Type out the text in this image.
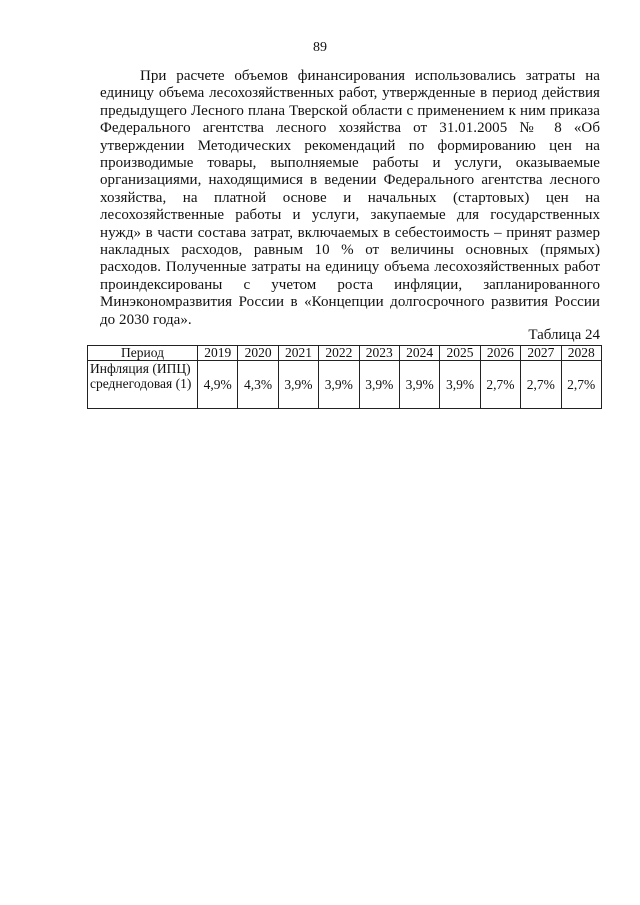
89

При расчете объемов финансирования использовались затраты на единицу объема лесохозяйственных работ, утвержденные в период действия предыдущего Лесного плана Тверской области с применением к ним приказа Федерального агентства лесного хозяйства от 31.01.2005 № 8 «Об утверждении Методических рекомендаций по формированию цен на производимые товары, выполняемые работы и услуги, оказываемые организациями, находящимися в ведении Федерального агентства лесного хозяйства, на платной основе и начальных (стартовых) цен на лесохозяйственные работы и услуги, закупаемые для государственных нужд» в части состава затрат, включаемых в себестоимость – принят размер накладных расходов, равным 10 % от величины основных (прямых) расходов. Полученные затраты на единицу объема лесохозяйственных работ проиндексированы с учетом роста инфляции, запланированного Минэкономразвития России в «Концепции долгосрочного развития России до 2030 года».

Таблица 24
Период	2019	2020	2021	2022	2023	2024	2025	2026	2027	2028
Инфляция (ИПЦ) среднегодовая (1)	4,9%	4,3%	3,9%	3,9%	3,9%	3,9%	3,9%	2,7%	2,7%	2,7%
